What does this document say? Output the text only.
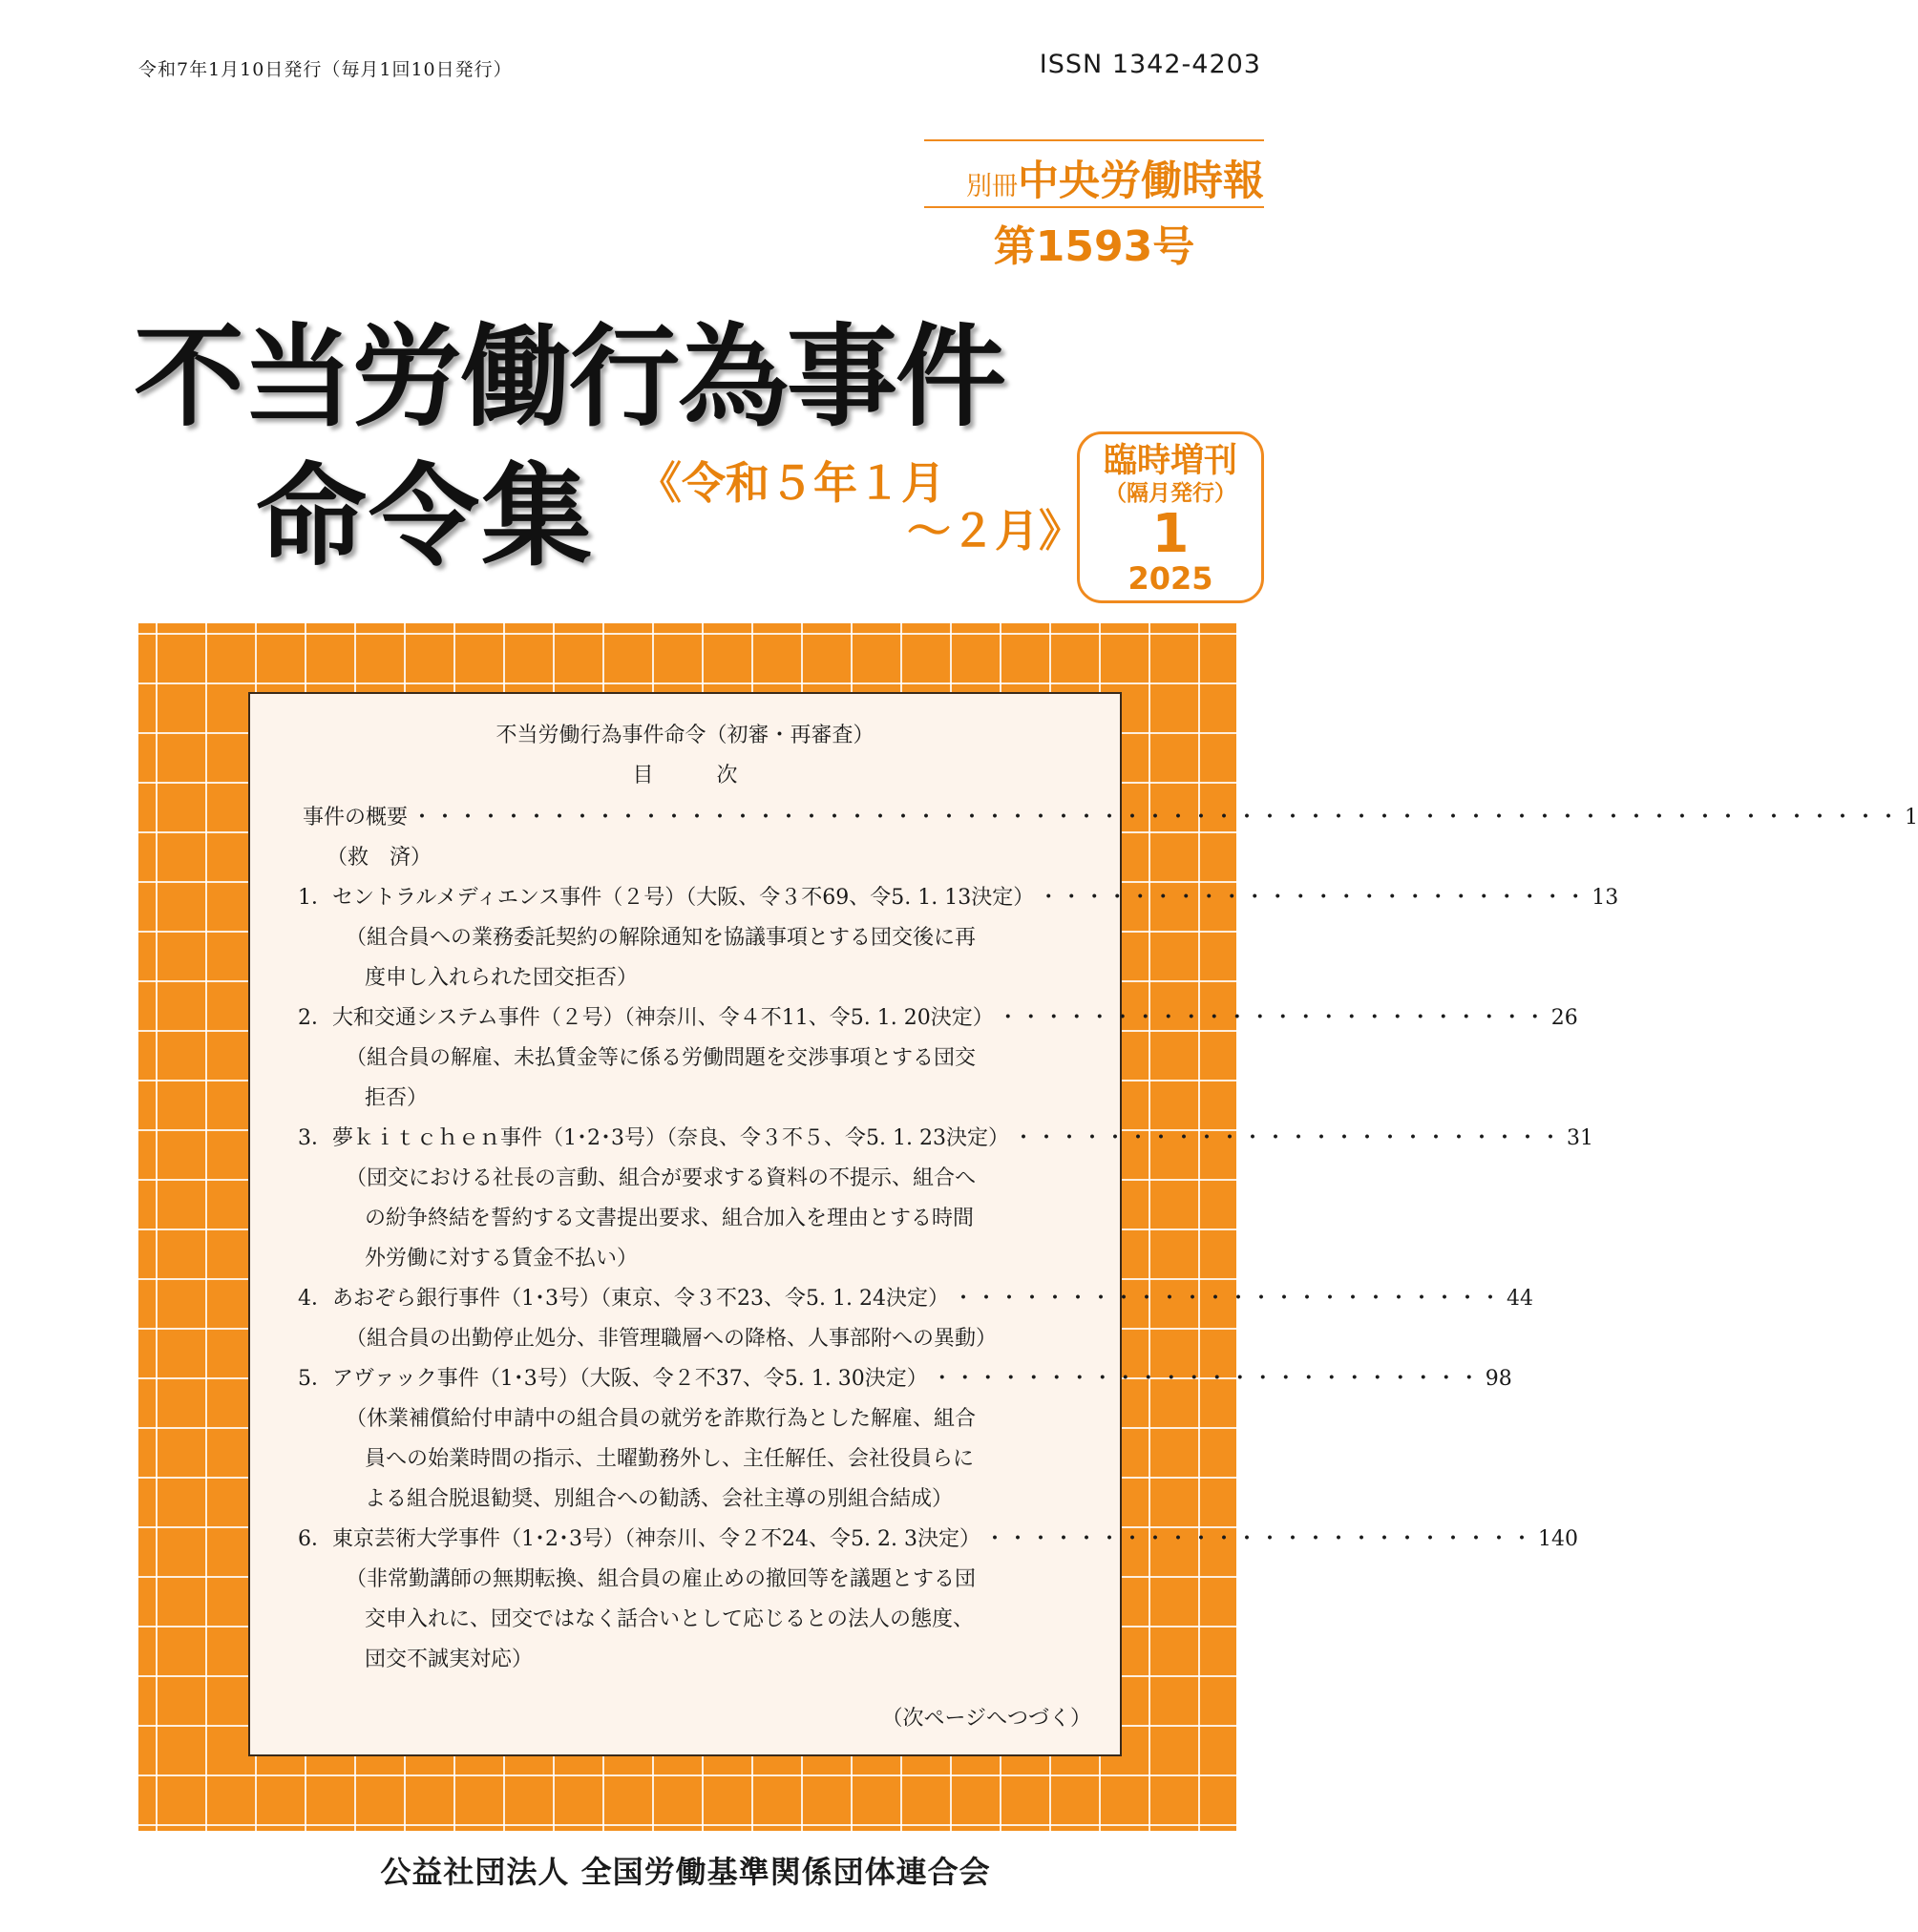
令和7年1月10日発行（毎月1回10日発行）	ISSN 1342-4203
別冊中央労働時報
第1593号
不当労働行為事件
命令集 《令和５年１月
～２月》
臨時増刊
（隔月発行）
1
2025
不当労働行為事件命令（初審・再審査）
目　　　次
事件の概要 ・・・・・・・・・・・・・・・・・・・・・・・・・・・・・・・・・・・・・・・・・・・・・・・・・・・・・・・・・・・・・・・・・ 1
（救　済）
1．セントラルメディエンス事件（２号）（大阪、令３不69、令5. 1. 13決定） ・・・・・・・・・・・・・・・・・・・・・・・・ 13
（組合員への業務委託契約の解除通知を協議事項とする団交後に再
度申し入れられた団交拒否）
2．大和交通システム事件（２号）（神奈川、令４不11、令5. 1. 20決定） ・・・・・・・・・・・・・・・・・・・・・・・・ 26
（組合員の解雇、未払賃金等に係る労働問題を交渉事項とする団交
拒否）
3．夢ｋｉｔｃｈｅｎ事件（1･2･3号）（奈良、令３不５、令5. 1. 23決定） ・・・・・・・・・・・・・・・・・・・・・・・・ 31
（団交における社長の言動、組合が要求する資料の不提示、組合へ
の紛争終結を誓約する文書提出要求、組合加入を理由とする時間
外労働に対する賃金不払い）
4．あおぞら銀行事件（1･3号）（東京、令３不23、令5. 1. 24決定） ・・・・・・・・・・・・・・・・・・・・・・・・ 44
（組合員の出勤停止処分、非管理職層への降格、人事部附への異動）
5．アヴァック事件（1･3号）（大阪、令２不37、令5. 1. 30決定） ・・・・・・・・・・・・・・・・・・・・・・・・ 98
（休業補償給付申請中の組合員の就労を詐欺行為とした解雇、組合
員への始業時間の指示、土曜勤務外し、主任解任、会社役員らに
よる組合脱退勧奨、別組合への勧誘、会社主導の別組合結成）
6．東京芸術大学事件（1･2･3号）（神奈川、令２不24、令5. 2. 3決定） ・・・・・・・・・・・・・・・・・・・・・・・・ 140
（非常勤講師の無期転換、組合員の雇止めの撤回等を議題とする団
交申入れに、団交ではなく話合いとして応じるとの法人の態度、
団交不誠実対応）
（次ページへつづく）
公益社団法人 全国労働基準関係団体連合会
